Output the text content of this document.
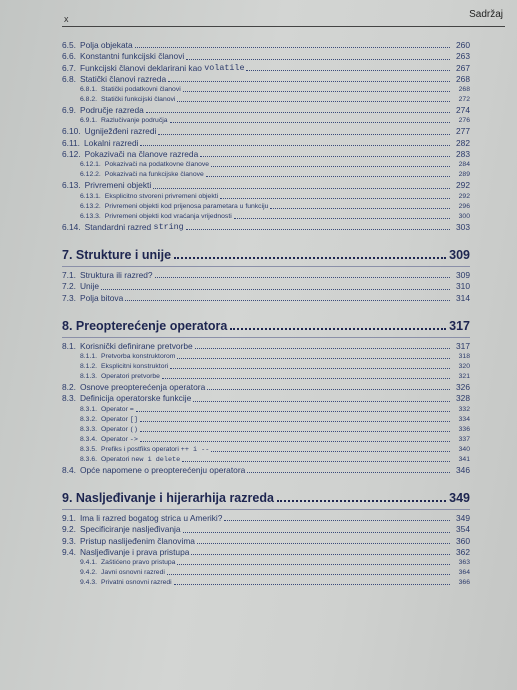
x	Sadržaj
6.5. Polja objekata	260
6.6. Konstantni funkcijski članovi	263
6.7. Funkcijski članovi deklarirani kao
volatile	267
6.8. Statički članovi razreda	268
6.8.1. Statički podatkovni članovi	268
6.8.2. Statički funkcijski članovi	272
6.9. Područje razreda	274
6.9.1. Razlučivanje područja	276
6.10. Ugniježđeni razredi	277
6.11. Lokalni razredi	282
6.12. Pokazivači na članove razreda	283
6.12.1. Pokazivači na podatkovne članove	284
6.12.2. Pokazivači na funkcijske članove	289
6.13. Privremeni objekti	292
6.13.1. Eksplicitno stvoreni privremeni objekti	292
6.13.2. Privremeni objekti kod prijenosa parametara u funkciju	296
6.13.3. Privremeni objekti kod vraćanja vrijednosti	300
6.14. Standardni razred
string	303
7. Strukture i unije	309
7.1. Struktura ili razred?	309
7.2. Unije	310
7.3. Polja bitova	314
8. Preopterećenje operatora	317
8.1. Korisnički definirane pretvorbe	317
8.1.1. Pretvorba konstruktorom	318
8.1.2. Eksplicitni konstruktori	320
8.1.3. Operatori pretvorbe	321
8.2. Osnove preopterećenja operatora	326
8.3. Definicija operatorske funkcije	328
8.3.1. Operator
=	332
8.3.2. Operator
[]	334
8.3.3. Operator
()	336
8.3.4. Operator
->	337
8.3.5. Prefiks i postfiks operatori
++ i --	340
8.3.6. Operatori
new i delete	341
8.4. Opće napomene o preopterećenju operatora	346
9. Nasljeđivanje i hijerarhija razreda	349
9.1. Ima li razred bogatog strica u Ameriki?	349
9.2. Specificiranje nasljeđivanja	354
9.3. Pristup naslijeđenim članovima	360
9.4. Nasljeđivanje i prava pristupa	362
9.4.1. Zaštićeno pravo pristupa	363
9.4.2. Javni osnovni razredi	364
9.4.3. Privatni osnovni razredi	366
